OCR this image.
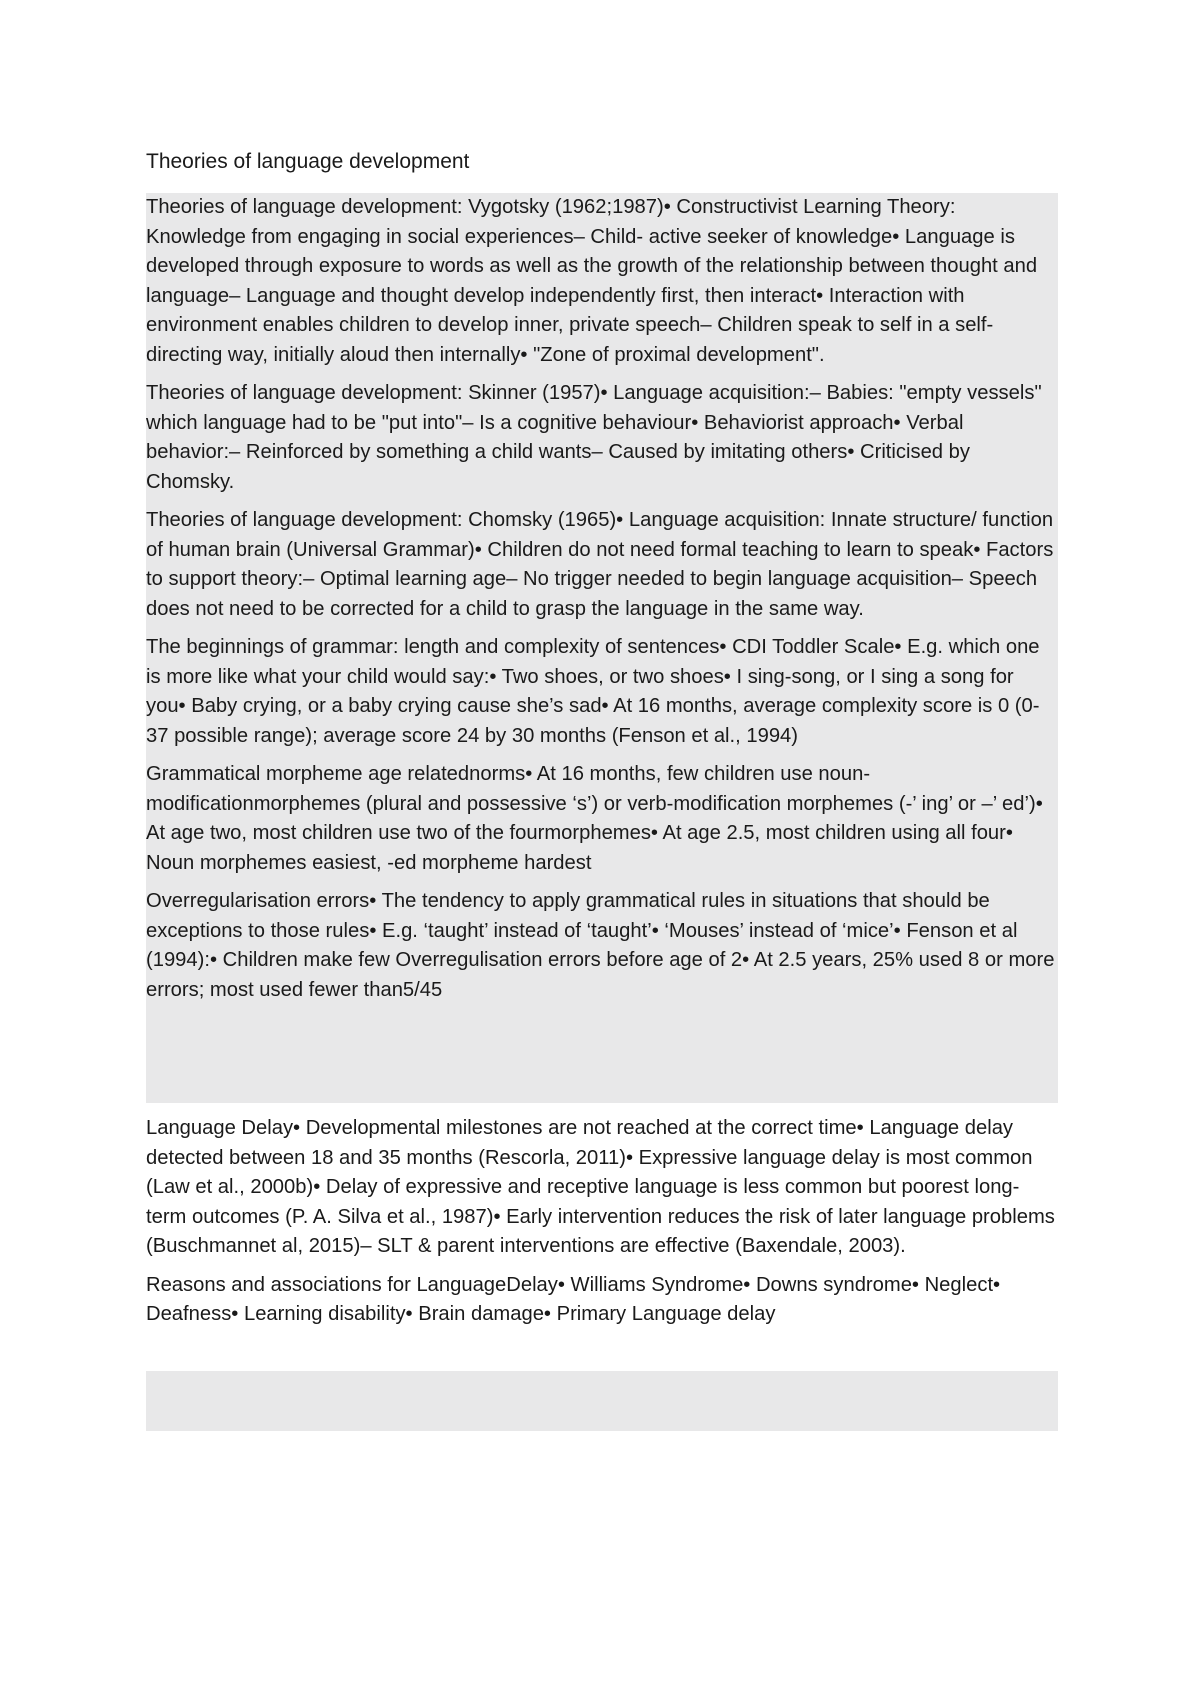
Theories of language development

Theories of language development: Vygotsky (1962;1987)• Constructivist Learning Theory: Knowledge from engaging in social experiences– Child- active seeker of knowledge• Language is developed through exposure to words as well as the growth of the relationship between thought and language– Language and thought develop independently first, then interact• Interaction with environment enables children to develop inner, private speech– Children speak to self in a self-directing way, initially aloud then internally• "Zone of proximal development".

Theories of language development: Skinner (1957)• Language acquisition:– Babies: "empty vessels" which language had to be "put into"– Is a cognitive behaviour• Behaviorist approach• Verbal behavior:– Reinforced by something a child wants– Caused by imitating others• Criticised by Chomsky.

Theories of language development: Chomsky (1965)• Language acquisition: Innate structure/ function of human brain (Universal Grammar)• Children do not need formal teaching to learn to speak• Factors to support theory:– Optimal learning age– No trigger needed to begin language acquisition– Speech does not need to be corrected for a child to grasp the language in the same way.

The beginnings of grammar: length and complexity of sentences• CDI Toddler Scale• E.g. which one is more like what your child would say:• Two shoes, or two shoes• I sing-song, or I sing a song for you• Baby crying, or a baby crying cause she’s sad• At 16 months, average complexity score is 0 (0-37 possible range); average score 24 by 30 months (Fenson et al., 1994)

Grammatical morpheme age relatednorms• At 16 months, few children use noun-modificationmorphemes (plural and possessive ‘s’) or verb-modification morphemes (-’ ing’ or –’ ed’)• At age two, most children use two of the fourmorphemes• At age 2.5, most children using all four• Noun morphemes easiest, -ed morpheme hardest

Overregularisation errors• The tendency to apply grammatical rules in situations that should be exceptions to those rules• E.g. ‘taught’ instead of ‘taught’• ‘Mouses’ instead of ‘mice’• Fenson et al (1994):• Children make few Overregulisation errors before age of 2• At 2.5 years, 25% used 8 or more errors; most used fewer than5/45

Language Delay• Developmental milestones are not reached at the correct time• Language delay detected between 18 and 35 months (Rescorla, 2011)• Expressive language delay is most common (Law et al., 2000b)• Delay of expressive and receptive language is less common but poorest long-term outcomes (P. A. Silva et al., 1987)• Early intervention reduces the risk of later language problems (Buschmannet al, 2015)– SLT & parent interventions are effective (Baxendale, 2003).

Reasons and associations for LanguageDelay• Williams Syndrome• Downs syndrome• Neglect• Deafness• Learning disability• Brain damage• Primary Language delay
